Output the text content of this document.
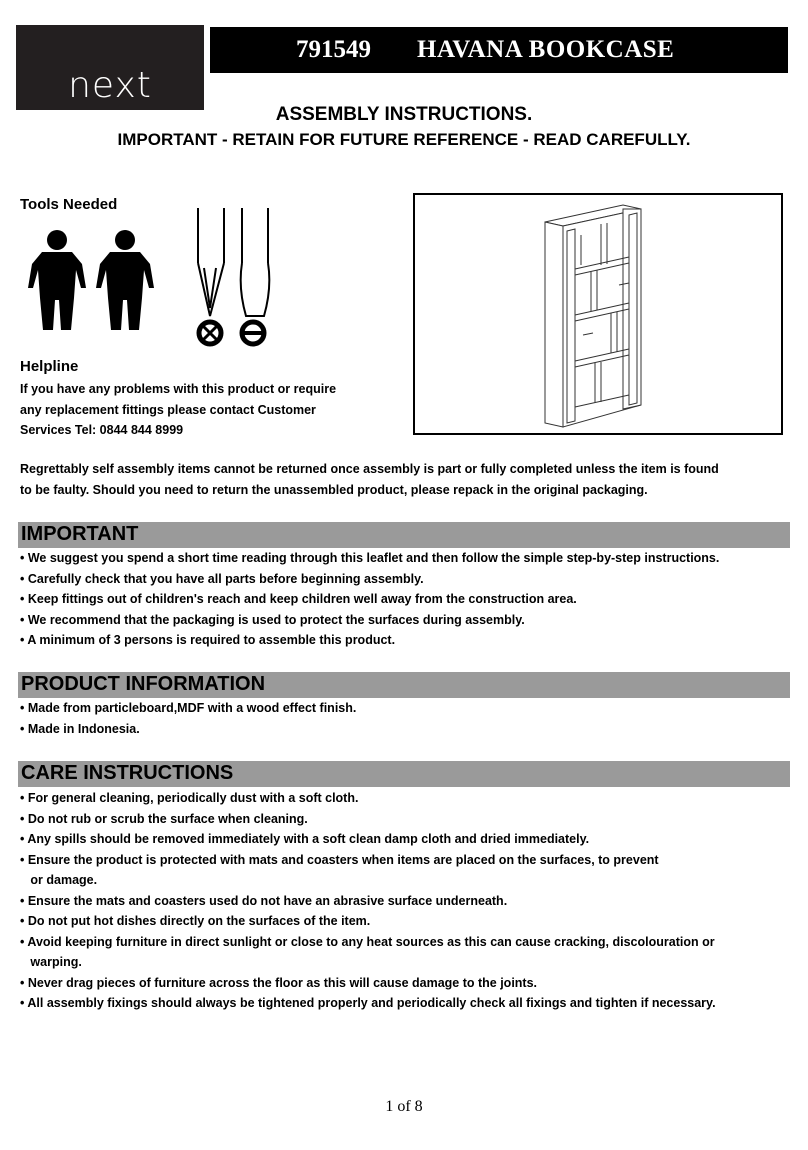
next
791549 HAVANA BOOKCASE
ASSEMBLY INSTRUCTIONS.
IMPORTANT - RETAIN FOR FUTURE REFERENCE - READ CAREFULLY.
Tools Needed
Helpline
If you have any problems with this product or require
any replacement fittings please contact Customer
Services Tel: 0844 844 8999
Regrettably self assembly items cannot be returned once assembly is part or fully completed unless the item is found
to be faulty. Should you need to return the unassembled product, please repack in the original packaging.
IMPORTANT
• We suggest you spend a short time reading through this leaflet and then follow the simple step-by-step instructions.
• Carefully check that you have all parts before beginning assembly.
• Keep fittings out of children's reach and keep children well away from the construction area.
• We recommend that the packaging is used to protect the surfaces during assembly.
• A minimum of 3 persons is required to assemble this product.
PRODUCT INFORMATION
• Made from particleboard,MDF with a wood effect finish.
• Made in Indonesia.
CARE INSTRUCTIONS
• For general cleaning, periodically dust with a soft cloth.
• Do not rub or scrub the surface when cleaning.
• Any spills should be removed immediately with a soft clean damp cloth and dried immediately.
• Ensure the product is protected with mats and coasters when items are placed on the surfaces, to prevent
or damage.
• Ensure the mats and coasters used do not have an abrasive surface underneath.
• Do not put hot dishes directly on the surfaces of the item.
• Avoid keeping furniture in direct sunlight or close to any heat sources as this can cause cracking, discolouration or
warping.
• Never drag pieces of furniture across the floor as this will cause damage to the joints.
• All assembly fixings should always be tightened properly and periodically check all fixings and tighten if necessary.
1 of 8
